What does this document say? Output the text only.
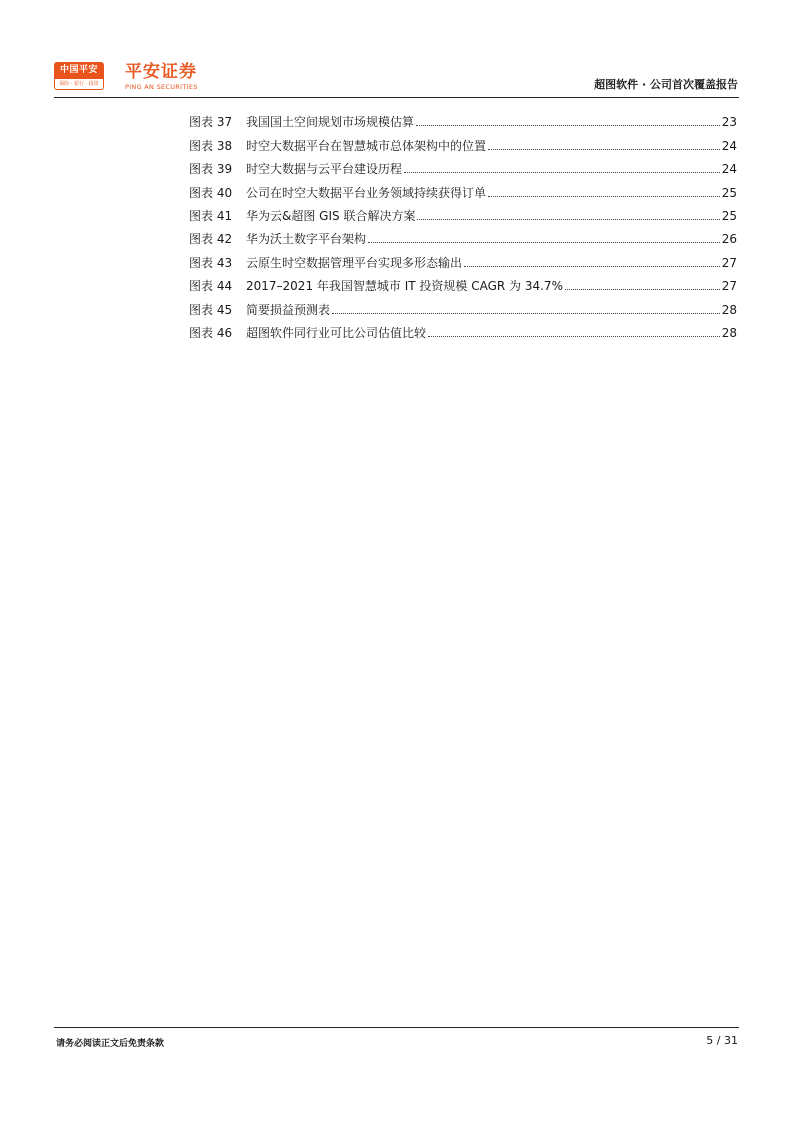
中国平安
保险 · 银行 · 投资
平安证券
PING AN SECURITIES	超图软件 · 公司首次覆盖报告
图表 37	我国国土空间规划市场规模估算	23
图表 38	时空大数据平台在智慧城市总体架构中的位置	24
图表 39	时空大数据与云平台建设历程	24
图表 40	公司在时空大数据平台业务领域持续获得订单	25
图表 41	华为云&超图 GIS 联合解决方案	25
图表 42	华为沃土数字平台架构	26
图表 43	云原生时空数据管理平台实现多形态输出	27
图表 44	2017–2021 年我国智慧城市 IT 投资规模 CAGR 为 34.7%	27
图表 45	简要损益预测表	28
图表 46	超图软件同行业可比公司估值比较	28
请务必阅读正文后免责条款	5 / 31
